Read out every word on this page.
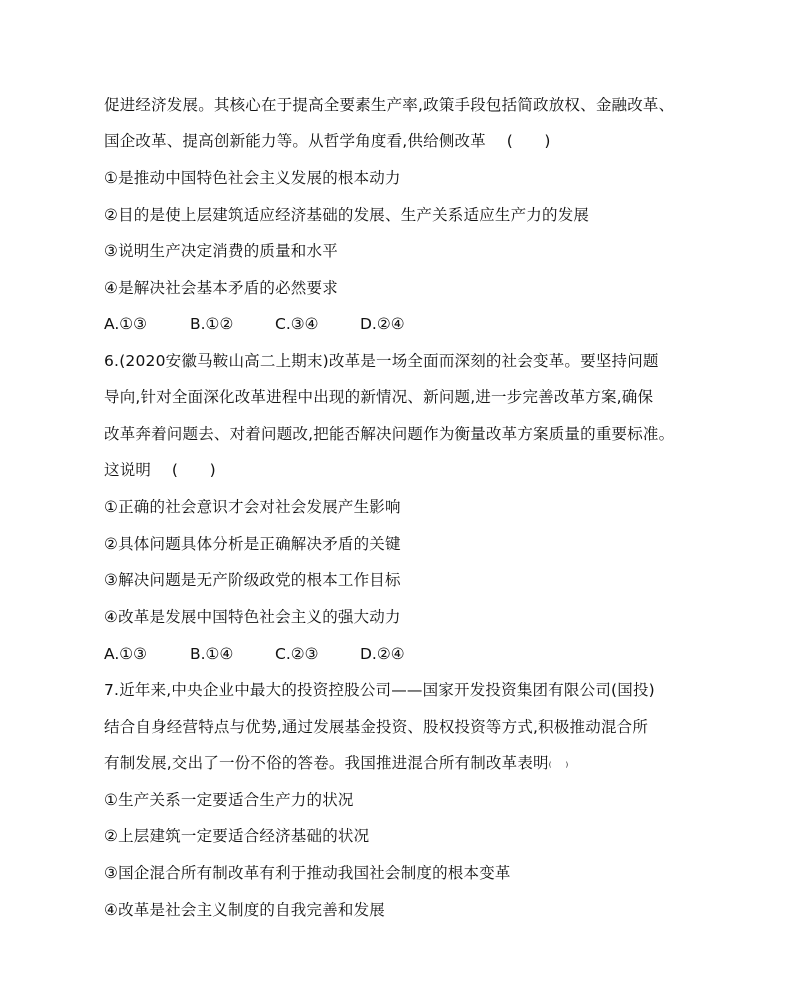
促进经济发展。其核心在于提高全要素生产率,政策手段包括简政放权、金融改革、
国企改革、提高创新能力等。从哲学角度看,供给侧改革　 (　　)
①是推动中国特色社会主义发展的根本动力
②目的是使上层建筑适应经济基础的发展、生产关系适应生产力的发展
③说明生产决定消费的质量和水平
④是解决社会基本矛盾的必然要求
A.①③	B.①②	C.③④	D.②④
6.(2020安徽马鞍山高二上期末)改革是一场全面而深刻的社会变革。要坚持问题
导向,针对全面深化改革进程中出现的新情况、新问题,进一步完善改革方案,确保
改革奔着问题去、对着问题改,把能否解决问题作为衡量改革方案质量的重要标准。
这说明　 (　　)
①正确的社会意识才会对社会发展产生影响
②具体问题具体分析是正确解决矛盾的关键
③解决问题是无产阶级政党的根本工作目标
④改革是发展中国特色社会主义的强大动力
A.①③	B.①④	C.②③	D.②④
7.近年来,中央企业中最大的投资控股公司——国家开发投资集团有限公司(国投)
结合自身经营特点与优势,通过发展基金投资、股权投资等方式,积极推动混合所
有制发展,交出了一份不俗的答卷。我国推进混合所有制改革表明(　　)
①生产关系一定要适合生产力的状况
②上层建筑一定要适合经济基础的状况
③国企混合所有制改革有利于推动我国社会制度的根本变革
④改革是社会主义制度的自我完善和发展
